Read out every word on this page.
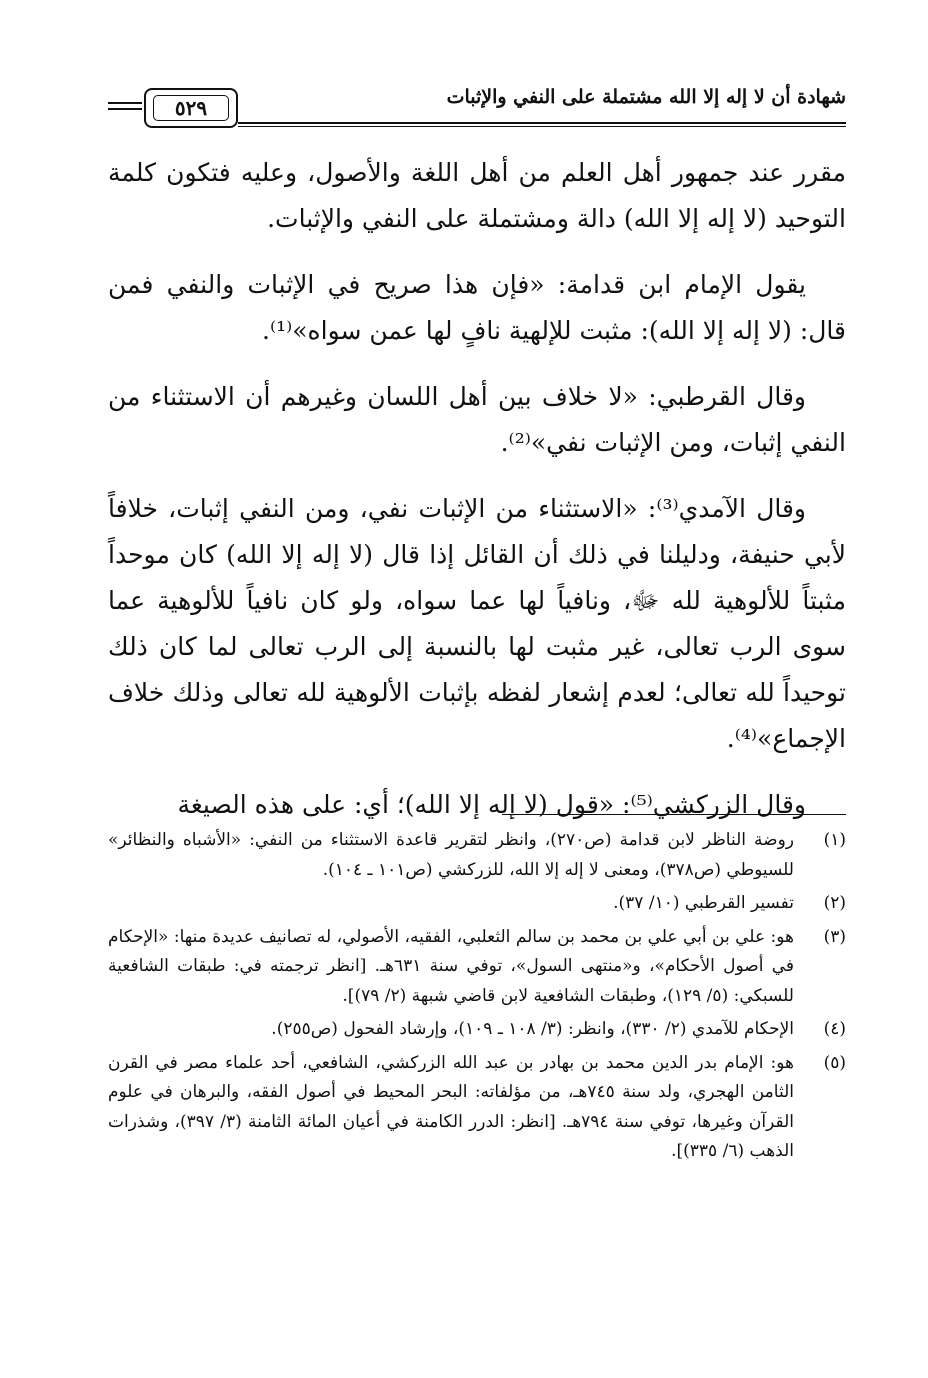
شهادة أن لا إله إلا الله مشتملة على النفي والإثبات
٥٢٩

مقرر عند جمهور أهل العلم من أهل اللغة والأصول، وعليه فتكون كلمة التوحيد (لا إله إلا الله) دالة ومشتملة على النفي والإثبات.

يقول الإمام ابن قدامة: «فإن هذا صريح في الإثبات والنفي فمن قال: (لا إله إلا الله): مثبت للإلهية نافٍ لها عمن سواه»⁽¹⁾.

وقال القرطبي: «لا خلاف بين أهل اللسان وغيرهم أن الاستثناء من النفي إثبات، ومن الإثبات نفي»⁽²⁾.

وقال الآمدي⁽³⁾: «الاستثناء من الإثبات نفي، ومن النفي إثبات، خلافاً لأبي حنيفة، ودليلنا في ذلك أن القائل إذا قال (لا إله إلا الله) كان موحداً مثبتاً للألوهية لله ﷻ، ونافياً لها عما سواه، ولو كان نافياً للألوهية عما سوى الرب تعالى، غير مثبت لها بالنسبة إلى الرب تعالى لما كان ذلك توحيداً لله تعالى؛ لعدم إشعار لفظه بإثبات الألوهية لله تعالى وذلك خلاف الإجماع»⁽⁴⁾.

وقال الزركشي⁽⁵⁾: «قول (لا إله إلا الله)؛ أي: على هذه الصيغة

(١)
روضة الناظر لابن قدامة (ص٢٧٠)، وانظر لتقرير قاعدة الاستثناء من النفي: «الأشباه والنظائر» للسيوطي (ص٣٧٨)، ومعنى لا إله إلا الله، للزركشي (ص١٠١ ـ ١٠٤).
(٢)
تفسير القرطبي (١٠/ ٣٧).
(٣)
هو: علي بن أبي علي بن محمد بن سالم الثعلبي، الفقيه، الأصولي، له تصانيف عديدة منها: «الإحكام في أصول الأحكام»، و«منتهى السول»، توفي سنة ٦٣١هـ. [انظر ترجمته في: طبقات الشافعية للسبكي: (٥/ ١٢٩)، وطبقات الشافعية لابن قاضي شبهة (٢/ ٧٩)].
(٤)
الإحكام للآمدي (٢/ ٣٣٠)، وانظر: (٣/ ١٠٨ ـ ١٠٩)، وإرشاد الفحول (ص٢٥٥).
(٥)
هو: الإمام بدر الدين محمد بن بهادر بن عبد الله الزركشي، الشافعي، أحد علماء مصر في القرن الثامن الهجري، ولد سنة ٧٤٥هـ، من مؤلفاته: البحر المحيط في أصول الفقه، والبرهان في علوم القرآن وغيرها، توفي سنة ٧٩٤هـ. [انظر: الدرر الكامنة في أعيان المائة الثامنة (٣/ ٣٩٧)، وشذرات الذهب (٦/ ٣٣٥)].
